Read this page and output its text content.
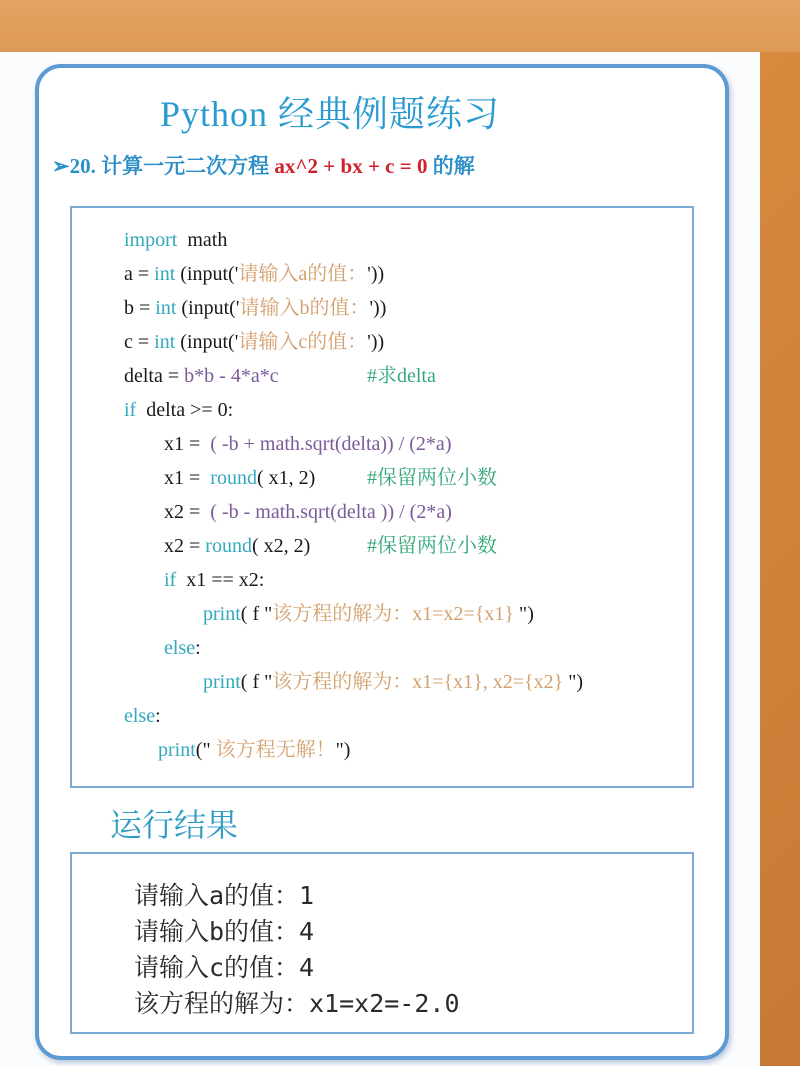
Python 经典例题练习
➢20. 计算一元二次方程 ax^2 + bx + c = 0 的解
import  math
a = int (input('请输入a的值：'))
b = int (input('请输入b的值：'))
c = int (input('请输入c的值：'))
delta = b*b - 4*a*c	#求delta
if  delta >= 0:
x1 =  ( -b + math.sqrt(delta)) / (2*a)
x1 =  round( x1, 2)	#保留两位小数
x2 =  ( -b - math.sqrt(delta )) / (2*a)
x2 = round( x2, 2)	#保留两位小数
if  x1 == x2:
print( f "该方程的解为：x1=x2={x1} ")
else:
print( f "该方程的解为：x1={x1}, x2={x2} ")
else:
print(" 该方程无解！")
运行结果
请输入a的值：1
请输入b的值：4
请输入c的值：4
该方程的解为：x1=x2=-2.0
